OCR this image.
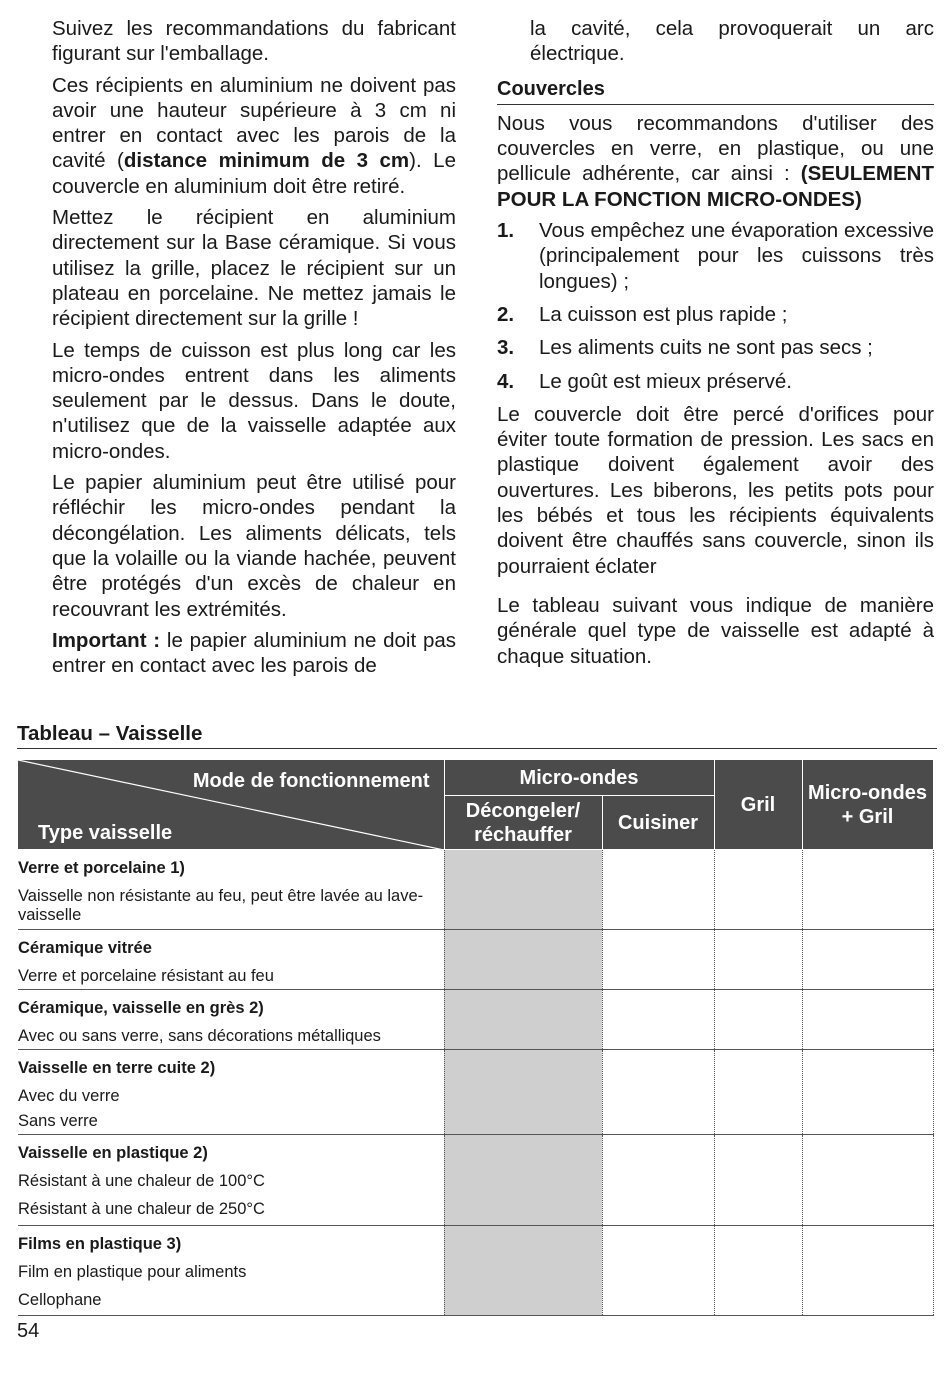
Suivez les recommandations du fabricant figurant sur l'emballage.

Ces récipients en aluminium ne doivent pas avoir une hauteur supérieure à 3 cm ni entrer en contact avec les parois de la cavité (distance minimum de 3 cm). Le couvercle en aluminium doit être retiré.

Mettez le récipient en aluminium directement sur la Base céramique. Si vous utilisez la grille, placez le récipient sur un plateau en porcelaine. Ne mettez jamais le récipient directement sur la grille !

Le temps de cuisson est plus long car les micro-ondes entrent dans les aliments seulement par le dessus. Dans le doute, n'utilisez que de la vaisselle adaptée aux micro-ondes.

Le papier aluminium peut être utilisé pour réfléchir les micro-ondes pendant la décongélation. Les aliments délicats, tels que la volaille ou la viande hachée, peuvent être protégés d'un excès de chaleur en recouvrant les extrémités.

Important : le papier aluminium ne doit pas entrer en contact avec les parois de

la cavité, cela provoquerait un arc électrique.

Couvercles

Nous vous recommandons d'utiliser des couvercles en verre, en plastique, ou une pellicule adhérente, car ainsi : (SEULEMENT POUR LA FONCTION MICRO-ONDES)

1. Vous empêchez une évaporation excessive (principalement pour les cuissons très longues) ;
2. La cuisson est plus rapide ;
3. Les aliments cuits ne sont pas secs ;
4. Le goût est mieux préservé.

Le couvercle doit être percé d'orifices pour éviter toute formation de pression. Les sacs en plastique doivent également avoir des ouvertures. Les biberons, les petits pots pour les bébés et tous les récipients équivalents doivent être chauffés sans couvercle, sinon ils pourraient éclater

Le tableau suivant vous indique de manière générale quel type de vaisselle est adapté à chaque situation.

Tableau – Vaisselle
Mode de fonctionnement
Type vaisselle	Micro-ondes		Gril	Micro-ondes + Gril
	Décongeler/ réchauffer	Cuisiner		

Verre et porcelaine 1)
Vaisselle non résistante au feu, peut être lavée au lave-vaisselle				

Céramique vitrée
Verre et porcelaine résistant au feu				

Céramique, vaisselle en grès 2)
Avec ou sans verre, sans décorations métalliques				

Vaisselle en terre cuite 2)
Avec du verre
Sans verre				

Vaisselle en plastique 2)
Résistant à une chaleur de 100°C
Résistant à une chaleur de 250°C				

Films en plastique 3)
Film en plastique pour aliments
Cellophane				

54
